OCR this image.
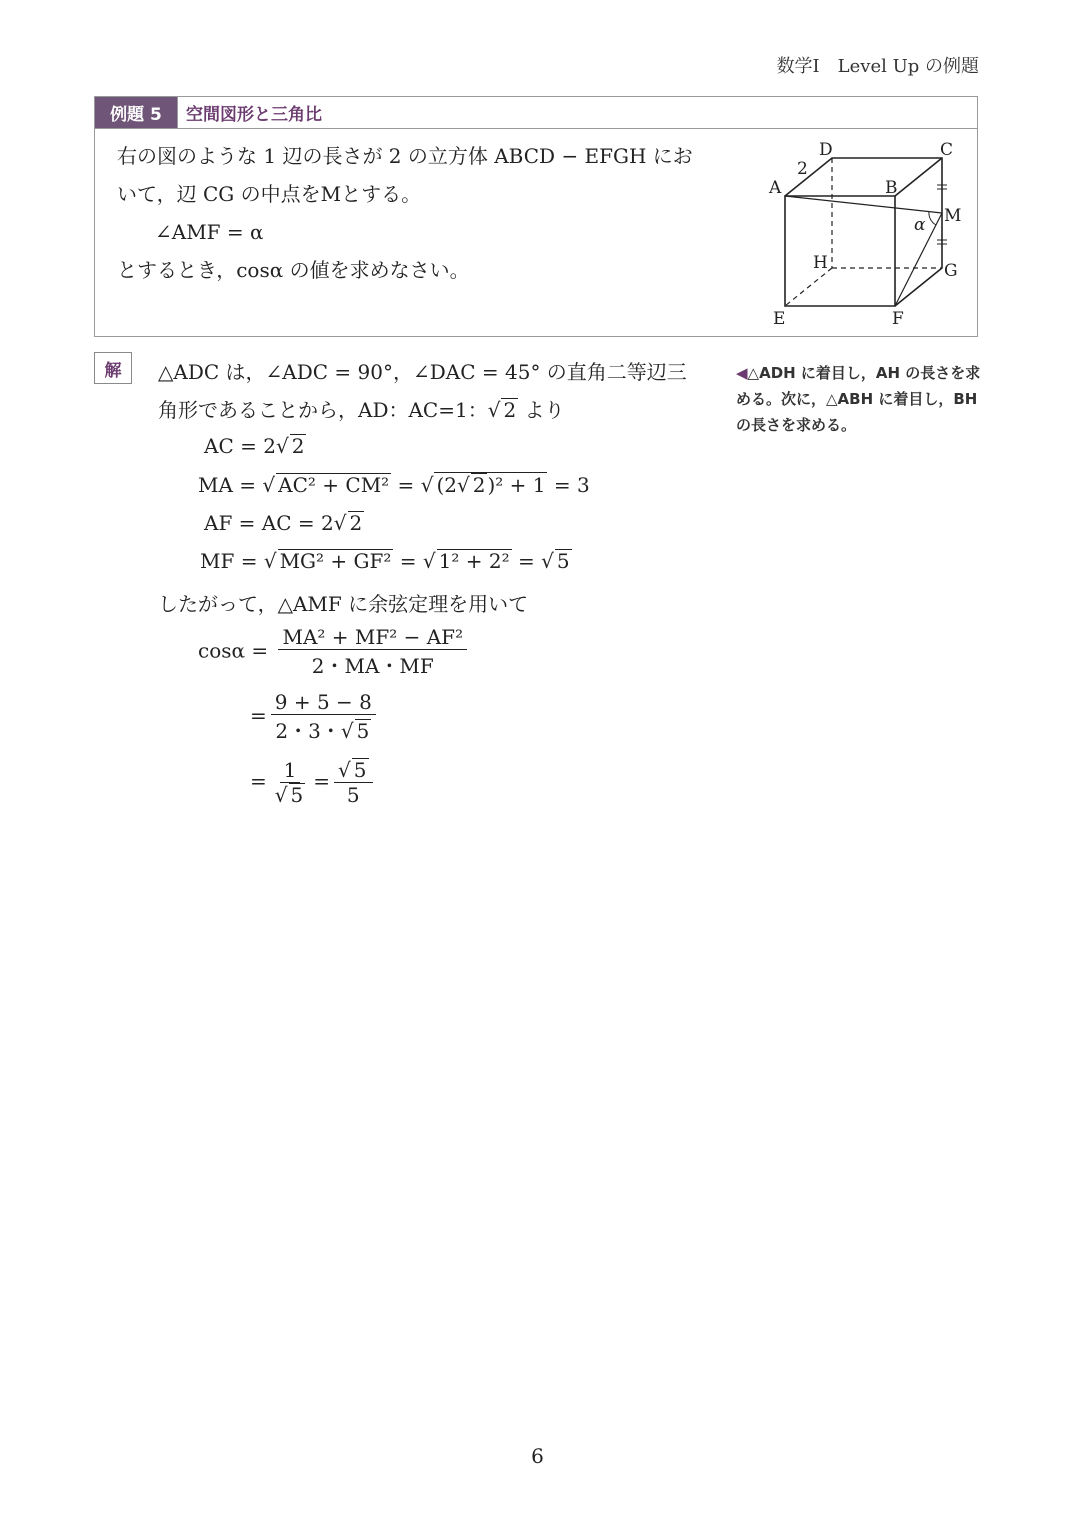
数学Ⅰ　Level Up の例題
例題 5	空間図形と三角比
右の図のような 1 辺の長さが 2 の立方体 ABCD − EFGH にお
いて，辺 CG の中点をMとする。
∠AMF = α
とするとき，cosα の値を求めなさい。
A	B
C
D
E	F
G
H
M
2
α
解	△ADC は，∠ADC = 90°，∠DAC = 45° の直角二等辺三
角形であることから，AD：AC=1：√ 2 より
AC = 2√ 2
MA = √ AC² + CM² = √ (2√ 2 )² + 1 = 3
AF = AC = 2√ 2
MF = √ MG² + GF² = √ 1² + 2² = √ 5
したがって，△AMF に余弦定理を用いて
$\cos\alpha = \frac{\text{MA² + MF² − AF²}}{2・MA・MF}$
= $\frac{9 + 5 - 8}{2・3・√ 5}$
= $\frac{1}{√ 5} = \frac{√ 5}{5}$
◀△ADH に着目し，AH の長さを求める。次に，△ABH に着目し，BH の長さを求める。
6
